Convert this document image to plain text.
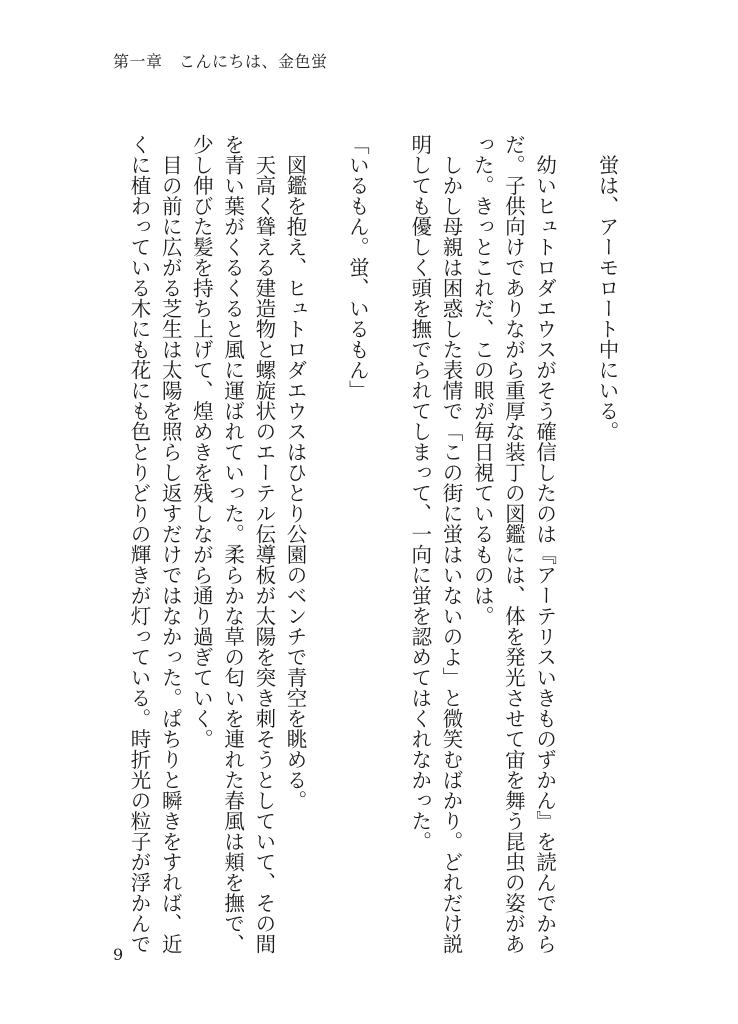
第一章　こんにちは、金色蛍

　蛍は、アーモロート中にいる。

　幼いヒュトロダエウスがそう確信したのは『アーテリスいきものずかん』を読んでから

だ。子供向けでありながら重厚な装丁の図鑑には、体を発光させて宙を舞う昆虫の姿があ

った。きっとこれだ、この眼が毎日視ているものは。

　しかし母親は困惑した表情で「この街に蛍はいないのよ」と微笑むばかり。どれだけ説

明しても優しく頭を撫でられてしまって、一向に蛍を認めてはくれなかった。

「いるもん。蛍、いるもん」

　図鑑を抱え、ヒュトロダエウスはひとり公園のベンチで青空を眺める。

　天高く聳える建造物と螺旋状のエーテル伝導板が太陽を突き刺そうとしていて、その間

を青い葉がくるくると風に運ばれていった。柔らかな草の匂いを連れた春風は頬を撫で、

少し伸びた髪を持ち上げて、煌めきを残しながら通り過ぎていく。

　目の前に広がる芝生は太陽を照らし返すだけではなかった。ぱちりと瞬きをすれば、近

くに植わっている木にも花にも色とりどりの輝きが灯っている。時折光の粒子が浮かんで

9
